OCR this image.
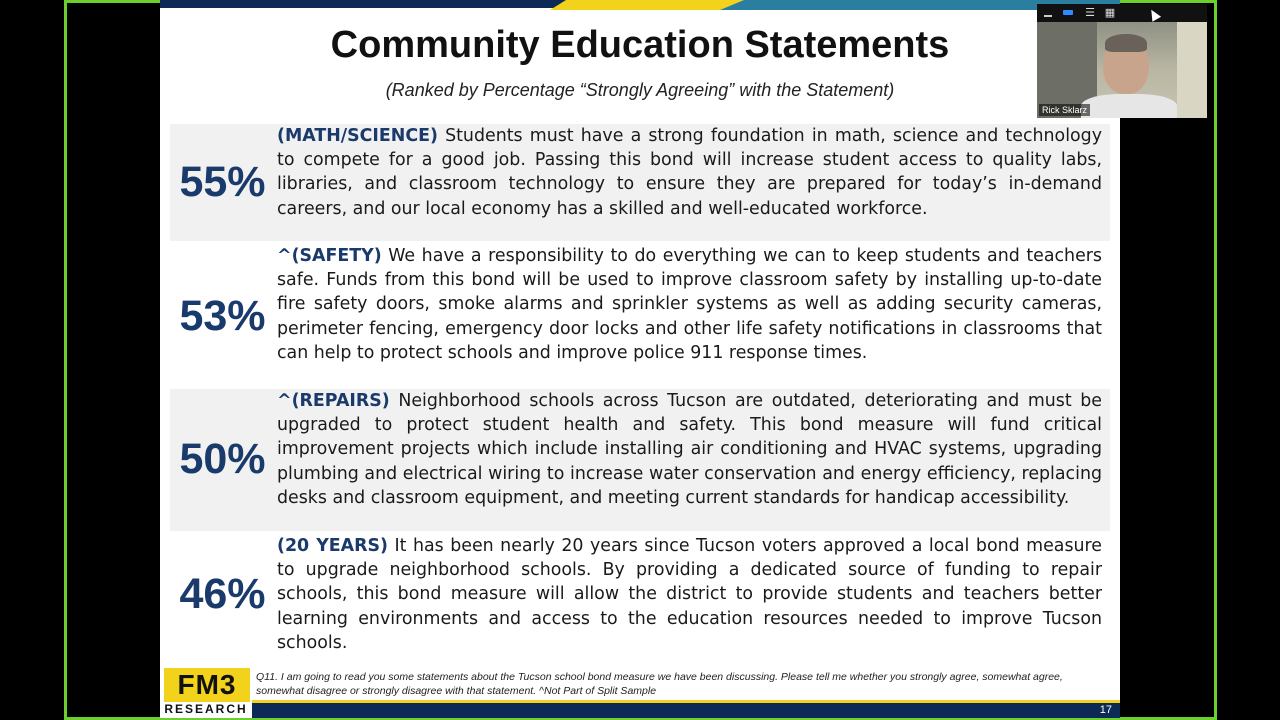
Community Education Statements
(Ranked by Percentage “Strongly Agreeing” with the Statement)
55%
(MATH/SCIENCE) Students must have a strong foundation in math, science and technology to compete for a good job. Passing this bond will increase student access to quality labs, libraries, and classroom technology to ensure they are prepared for today’s in-demand careers, and our local economy has a skilled and well-educated workforce.
53%
^(SAFETY) We have a responsibility to do everything we can to keep students and teachers safe. Funds from this bond will be used to improve classroom safety by installing up-to-date fire safety doors, smoke alarms and sprinkler systems as well as adding security cameras, perimeter fencing, emergency door locks and other life safety notifications in classrooms that can help to protect schools and improve police 911 response times.
50%
^(REPAIRS) Neighborhood schools across Tucson are outdated, deteriorating and must be upgraded to protect student health and safety. This bond measure will fund critical improvement projects which include installing air conditioning and HVAC systems, upgrading plumbing and electrical wiring to increase water conservation and energy efficiency, replacing desks and classroom equipment, and meeting current standards for handicap accessibility.
46%
(20 YEARS) It has been nearly 20 years since Tucson voters approved a local bond measure to upgrade neighborhood schools. By providing a dedicated source of funding to repair schools, this bond measure will allow the district to provide students and teachers better learning environments and access to the education resources needed to improve Tucson schools.
FM3
RESEARCH
Q11. I am going to read you some statements about the Tucson school bond measure we have been discussing. Please tell me whether you strongly agree, somewhat agree, somewhat disagree or strongly disagree with that statement. ^Not Part of Split Sample
17
☰ ▦
Rick Sklarz
